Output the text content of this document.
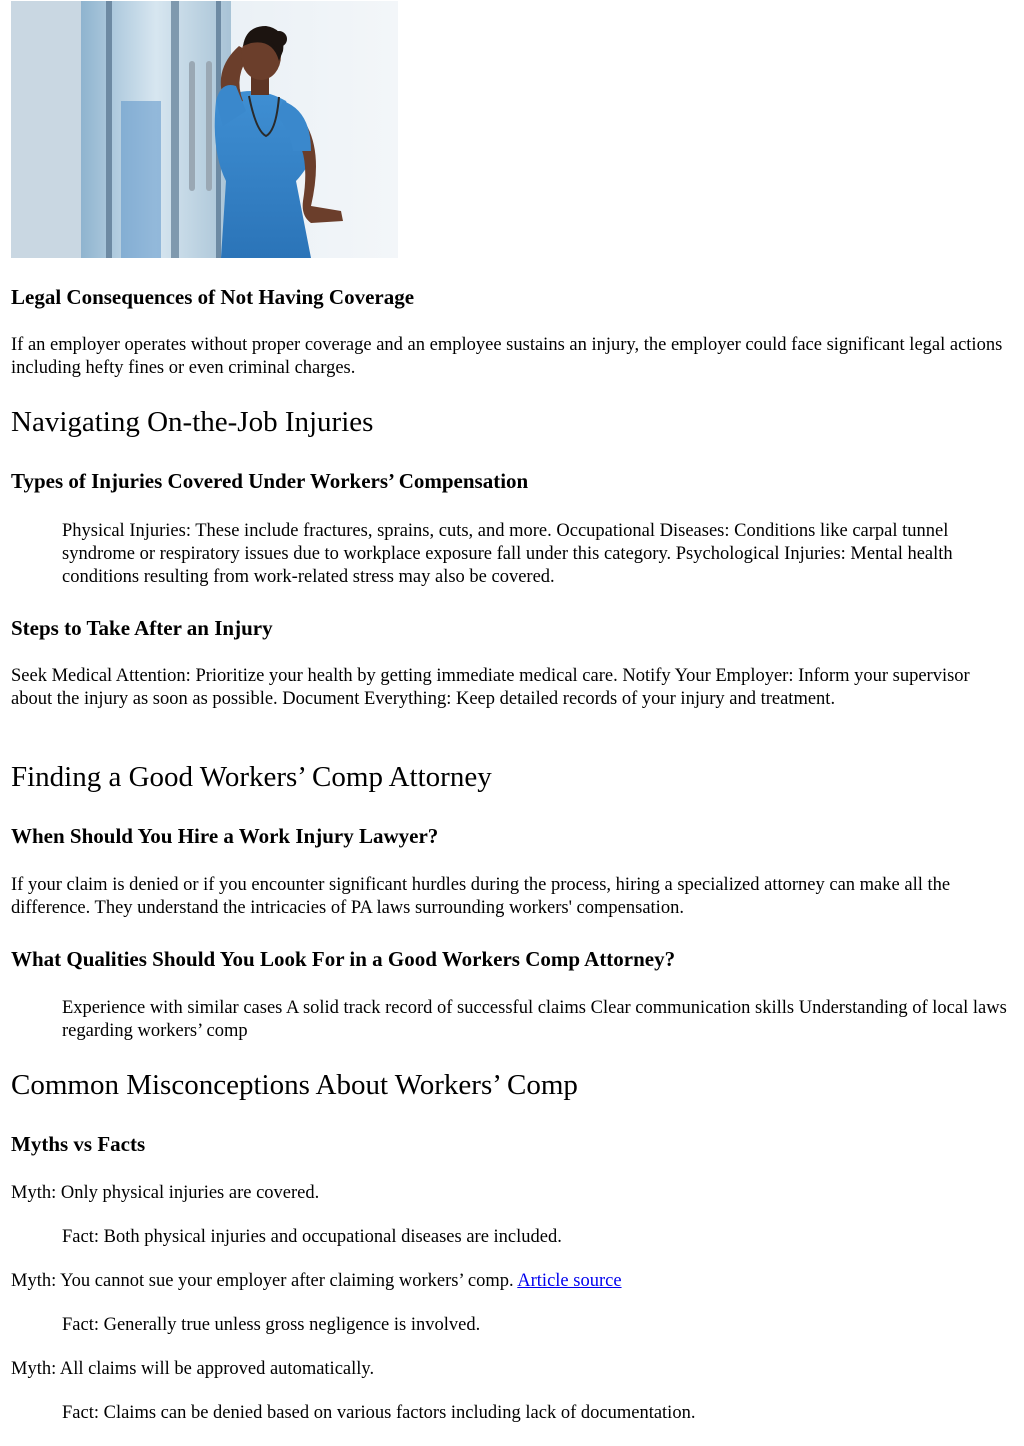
Legal Consequences of Not Having Coverage

If an employer operates without proper coverage and an employee sustains an injury, the employer could face significant legal actions including hefty fines or even criminal charges.

Navigating On-the-Job Injuries
Types of Injuries Covered Under Workers’ Compensation

Physical Injuries: These include fractures, sprains, cuts, and more. Occupational Diseases: Conditions like carpal tunnel syndrome or respiratory issues due to workplace exposure fall under this category. Psychological Injuries: Mental health conditions resulting from work-related stress may also be covered.

Steps to Take After an Injury

Seek Medical Attention: Prioritize your health by getting immediate medical care. Notify Your Employer: Inform your supervisor about the injury as soon as possible. Document Everything: Keep detailed records of your injury and treatment.

Finding a Good Workers’ Comp Attorney
When Should You Hire a Work Injury Lawyer?

If your claim is denied or if you encounter significant hurdles during the process, hiring a specialized attorney can make all the difference. They understand the intricacies of PA laws surrounding workers' compensation.

What Qualities Should You Look For in a Good Workers Comp Attorney?

Experience with similar cases A solid track record of successful claims Clear communication skills Understanding of local laws regarding workers’ comp

Common Misconceptions About Workers’ Comp
Myths vs Facts

Myth: Only physical injuries are covered.

Fact: Both physical injuries and occupational diseases are included.

Myth: You cannot sue your employer after claiming workers’ comp. Article source

Fact: Generally true unless gross negligence is involved.

Myth: All claims will be approved automatically.

Fact: Claims can be denied based on various factors including lack of documentation.
